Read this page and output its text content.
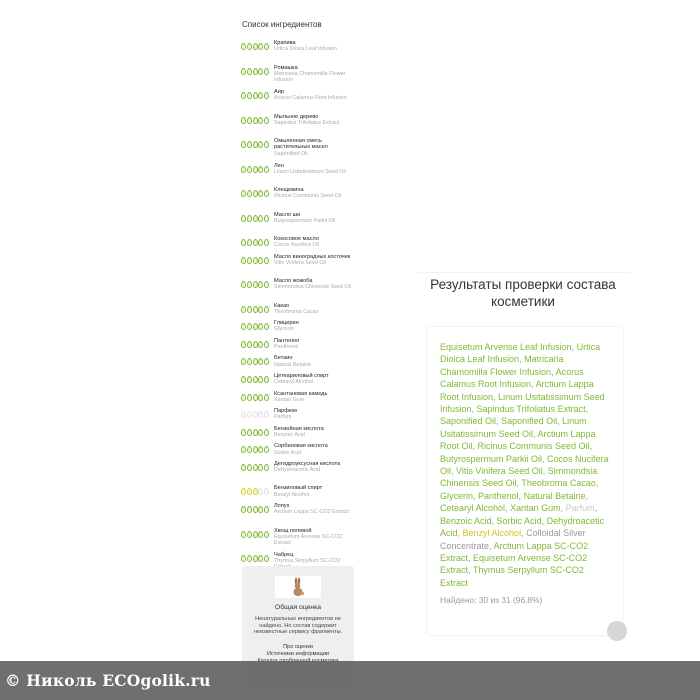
Список ингредиентов
Крапива
Urtica Dioica Leaf Infusion
Ромашка
Matricaria Chamomilla Flower Infusion
Аир
Acorus Calamus Root Infusion
Мыльное дерево
Sapindus Trifoliatus Extract
Омыленная смесь растительных масел
Saponified Oil
Лен
Linum Usitatissimum Seed Oil
Клещевина
Ricinus Communis Seed Oil
Масло ши
Butyrospermum Parkii Oil
Кокосовое масло
Cocos Nucifera Oil
Масло виноградных косточек
Vitis Vinifera Seed Oil
Масло жожоба
Simmondsia Chinensis Seed Oil
Какао
Theobroma Cacao
Глицерин
Glycerin
Пантенол
Panthenol
Бетаин
Natural Betaine
Цетеариловый спирт
Cetearyl Alcohol
Ксантановая камедь
Xantan Gum
Парфюм
Parfum
Бензойная кислота
Benzoic Acid
Сорбиновая кислота
Sorbic Acid
Дегидроуксусная кислота
Dehydroacetic Acid
Бензиловый спирт
Benzyl Alcohol
Лопух
Arctium Lappa SC-CO2 Extract
Хвощ полевой
Equisetum Arvense SC-CO2 Extract
Чабрец
Thymus Serpyllum SC-CO2
Общая оценка
Ненатуральных ингредиентов не найдено. Но состав содержит неизвестные сервису фрагменты.
Про оценки
Источники информации
Результаты проверки состава косметики
Equisetum Arvense Leaf Infusion, Urtica Dioica Leaf Infusion, Matricaria Chamomilla Flower Infusion, Acorus Calamus Root Infusion, Arctium Lappa Root Infusion, Linum Usitatissimum Seed Infusion, Sapindus Trifoliatus Extract, Saponified Oil, Saponified Oil, Linum Usitatissimum Seed Oil, Arctium Lappa Root Oil, Ricinus Communis Seed Oil, Butyrospermum Parkii Oil, Cocos Nucifera Oil, Vitis Vinifera Seed Oil, Simmondsia Chinensis Seed Oil, Theobroma Cacao, Glycerin, Panthenol, Natural Betaine, Cetearyl Alcohol, Xantan Gum, Parfum, Benzoic Acid, Sorbic Acid, Dehydroacetic Acid, Benzyl Alcohol, Colloidal Silver Concentrate, Arctium Lappa SC-CO2 Extract, Equisetum Arvense SC-CO2 Extract, Thymus Serpyllum SC-CO2 Extract
Найдено: 30 из 31 (96.8%)
© Николь ECOgolik.ru
